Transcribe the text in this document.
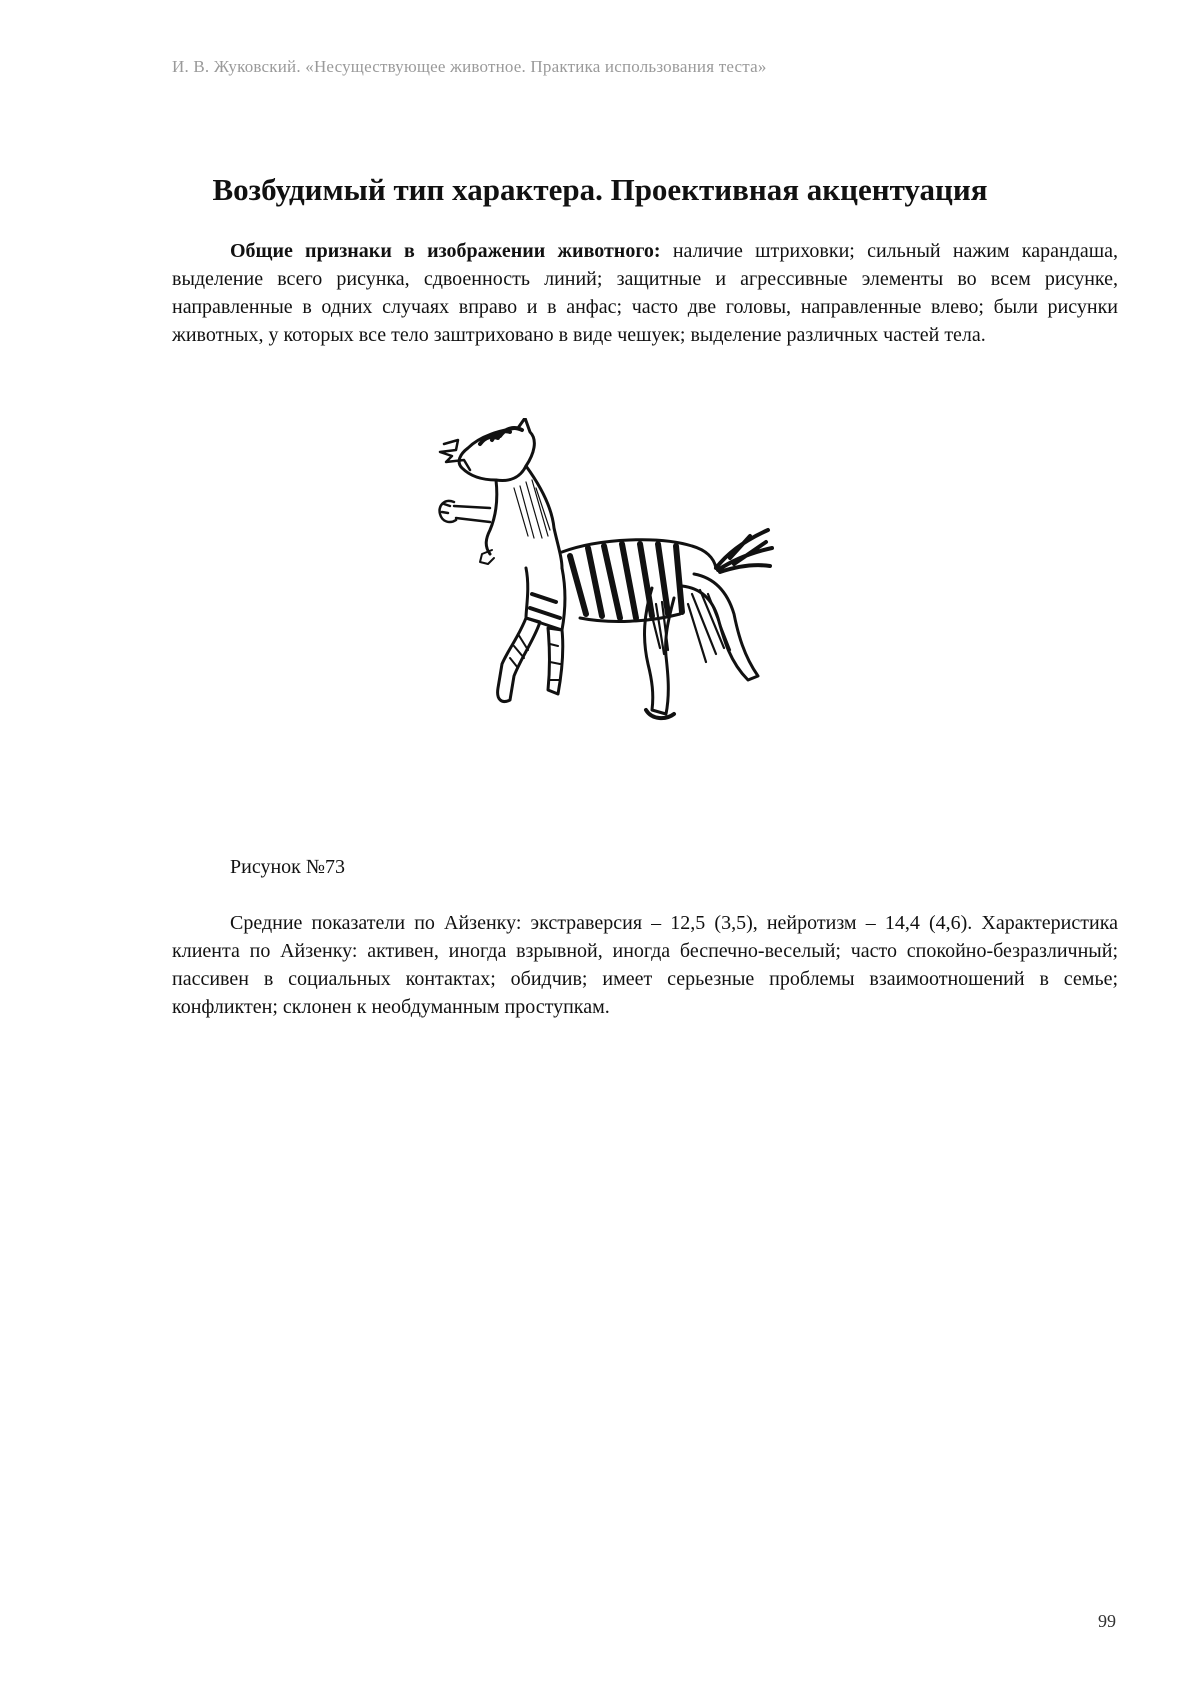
И. В. Жуковский. «Несуществующее животное. Практика использования теста»
Возбудимый тип характера. Проективная акцентуация

Общие признаки в изображении животного: наличие штриховки; сильный нажим карандаша, выделение всего рисунка, сдвоенность линий; защитные и агрессивные элементы во всем рисунке, направленные в одних случаях вправо и в анфас; часто две головы, направленные влево; были рисунки животных, у которых все тело заштриховано в виде чешуек; выделение различных частей тела.

Рисунок №73

Средние показатели по Айзенку: экстраверсия – 12,5 (3,5), нейротизм – 14,4 (4,6). Характеристика клиента по Айзенку: активен, иногда взрывной, иногда беспечно-веселый; часто спокойно-безразличный; пассивен в социальных контактах; обидчив; имеет серьезные проблемы взаимоотношений в семье; конфликтен; склонен к необдуманным проступкам.

99
